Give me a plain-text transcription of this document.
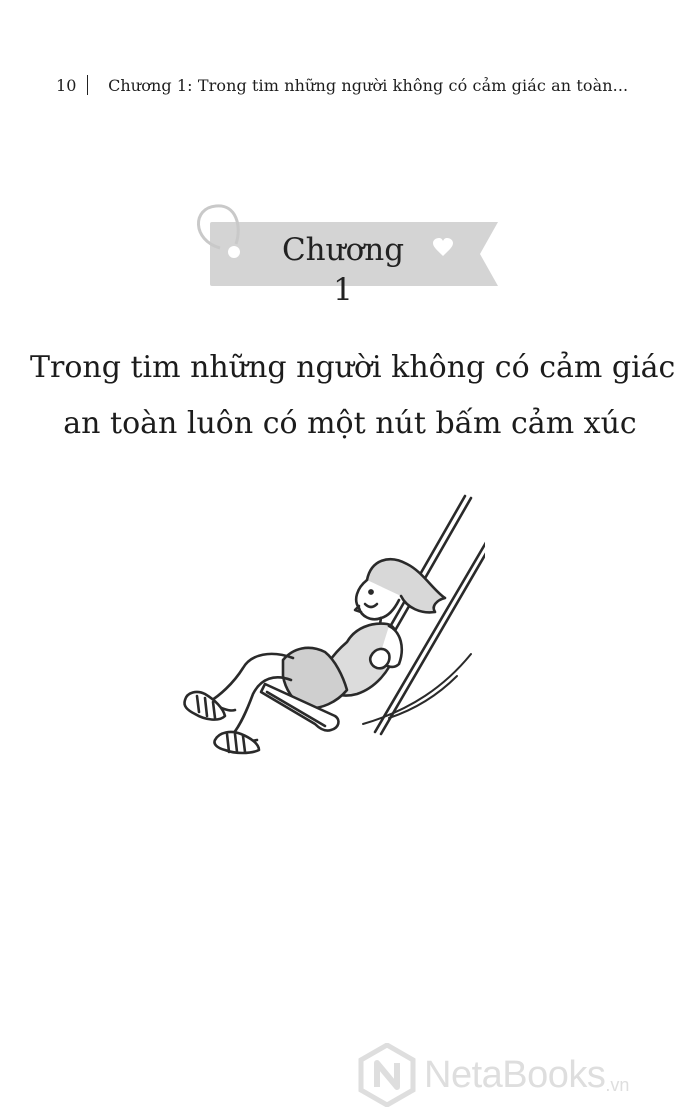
10 Chương 1: Trong tim những người không có cảm giác an toàn...
Chương 1
Trong tim những người không có cảm giác
an toàn luôn có một nút bấm cảm xúc
NetaBooks .vn
